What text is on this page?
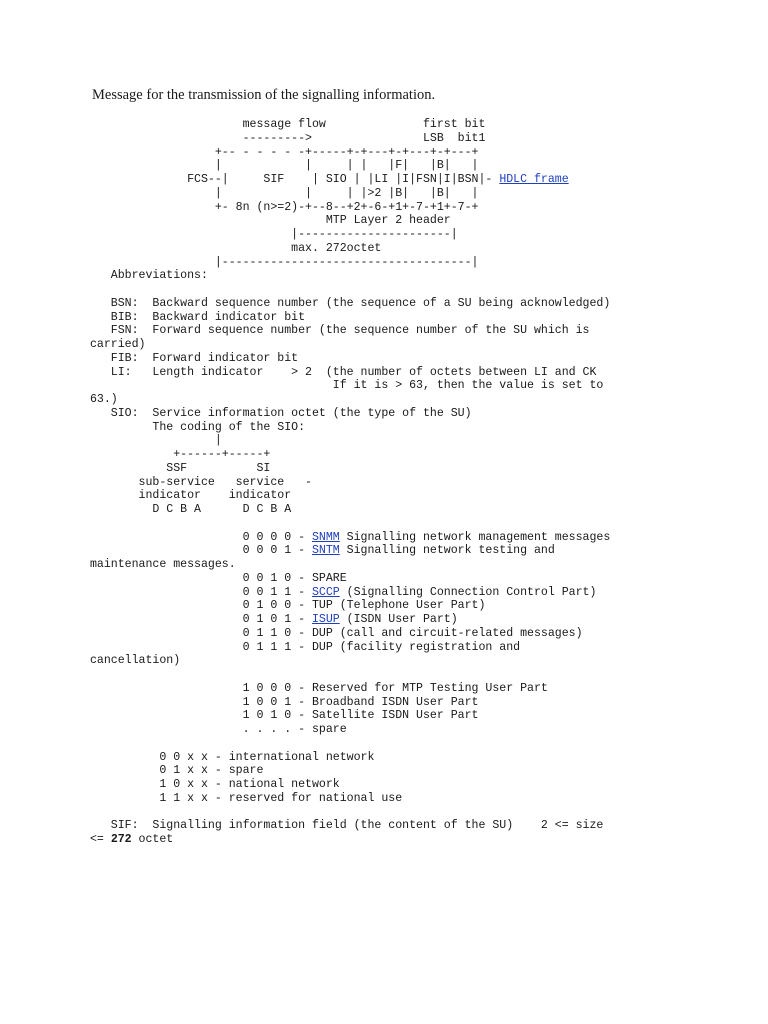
Message for the transmission of the signalling information.
message flow              first bit
--------->                LSB  bit1
+-- - - - - -+-----+-+---+-+---+-+---+
|            |     | |   |F|   |B|   |
FCS--|     SIF    | SIO | |LI |I|FSN|I|BSN|- HDLC frame
|            |     | |>2 |B|   |B|   |
+- 8n (n>=2)-+--8--+2+-6-+1+-7-+1+-7-+
MTP Layer 2 header
|----------------------|
max. 272octet
|------------------------------------|
Abbreviations:

BSN:  Backward sequence number (the sequence of a SU being acknowledged)
BIB:  Backward indicator bit
FSN:  Forward sequence number (the sequence number of the SU which is
carried)
FIB:  Forward indicator bit
LI:   Length indicator    > 2  (the number of octets between LI and CK
If it is > 63, then the value is set to
63.)
SIO:  Service information octet (the type of the SU)
The coding of the SIO:
|
+------+-----+
SSF          SI
sub-service   service   -
indicator    indicator
D C B A      D C B A

0 0 0 0 - SNMM Signalling network management messages
0 0 0 1 - SNTM Signalling network testing and
maintenance messages.
0 0 1 0 - SPARE
0 0 1 1 - SCCP (Signalling Connection Control Part)
0 1 0 0 - TUP (Telephone User Part)
0 1 0 1 - ISUP (ISDN User Part)
0 1 1 0 - DUP (call and circuit-related messages)
0 1 1 1 - DUP (facility registration and
cancellation)

1 0 0 0 - Reserved for MTP Testing User Part
1 0 0 1 - Broadband ISDN User Part
1 0 1 0 - Satellite ISDN User Part
. . . . - spare

0 0 x x - international network
0 1 x x - spare
1 0 x x - national network
1 1 x x - reserved for national use

SIF:  Signalling information field (the content of the SU)    2 <= size
<= 272 octet
